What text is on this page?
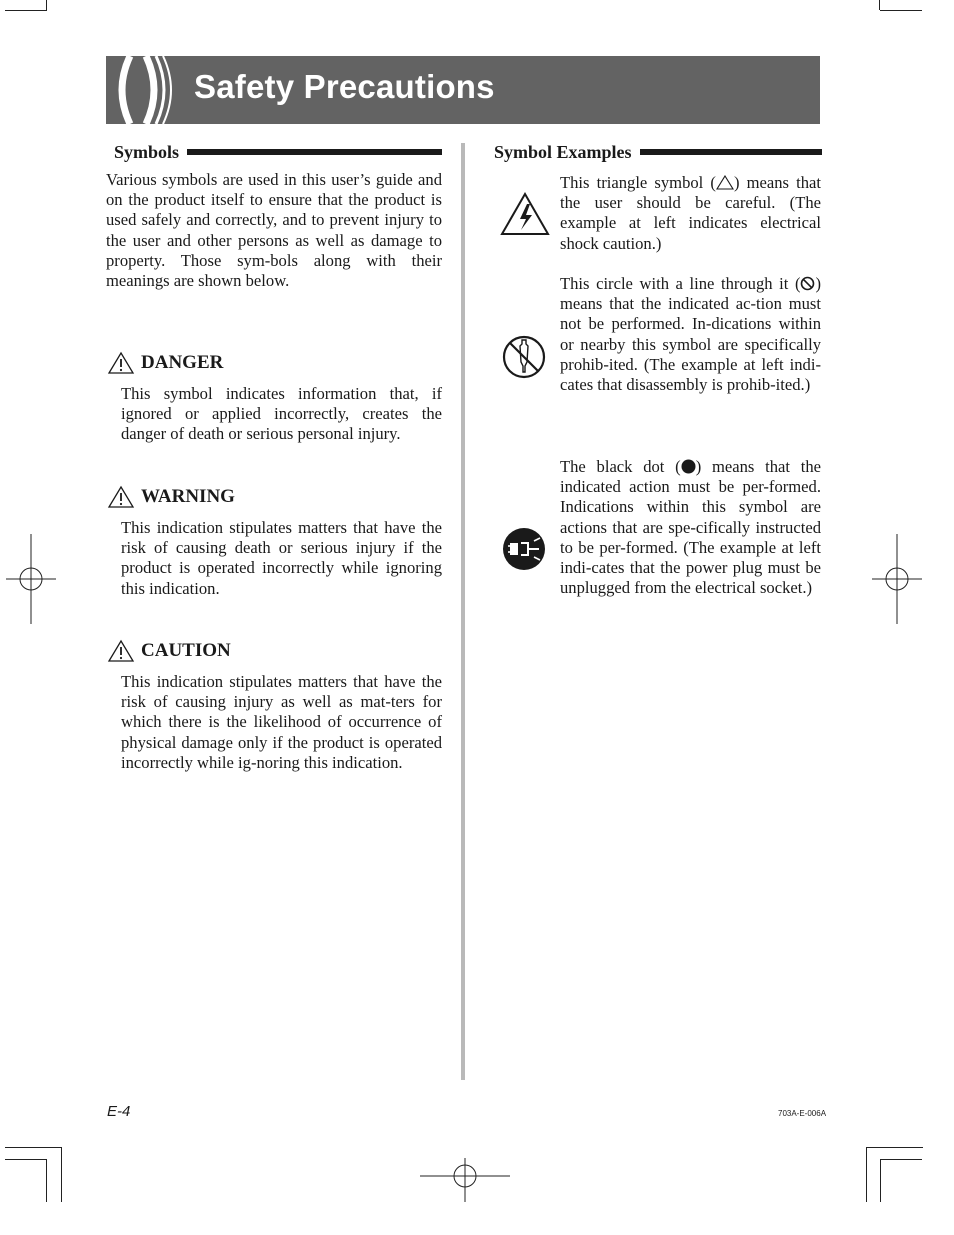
Safety Precautions
Symbols

Various symbols are used in this user’s guide and on the product itself to ensure that the product is used safely and correctly, and to prevent injury to the user and other persons as well as damage to property. Those sym-bols along with their meanings are shown below.

DANGER

This symbol indicates information that, if ignored or applied incorrectly, creates the danger of death or serious personal injury.

WARNING

This indication stipulates matters that have the risk of causing death or serious injury if the product is operated incorrectly while ignoring this indication.

CAUTION

This indication stipulates matters that have the risk of causing injury as well as mat-ters for which there is the likelihood of occurrence of physical damage only if the product is operated incorrectly while ig-noring this indication.

Symbol Examples

This triangle symbol ( ) means that the user should be careful. (The example at left indicates electrical shock caution.)

This circle with a line through it ( ) means that the indicated ac-tion must not be performed. In-dications within or nearby this symbol are specifically prohib-ited. (The example at left indi-cates that disassembly is prohib-ited.)

The black dot ( ) means that the indicated action must be per-formed. Indications within this symbol are actions that are spe-cifically instructed to be per-formed. (The example at left indi-cates that the power plug must be unplugged from the electrical socket.)

E-4	703A-E-006A
